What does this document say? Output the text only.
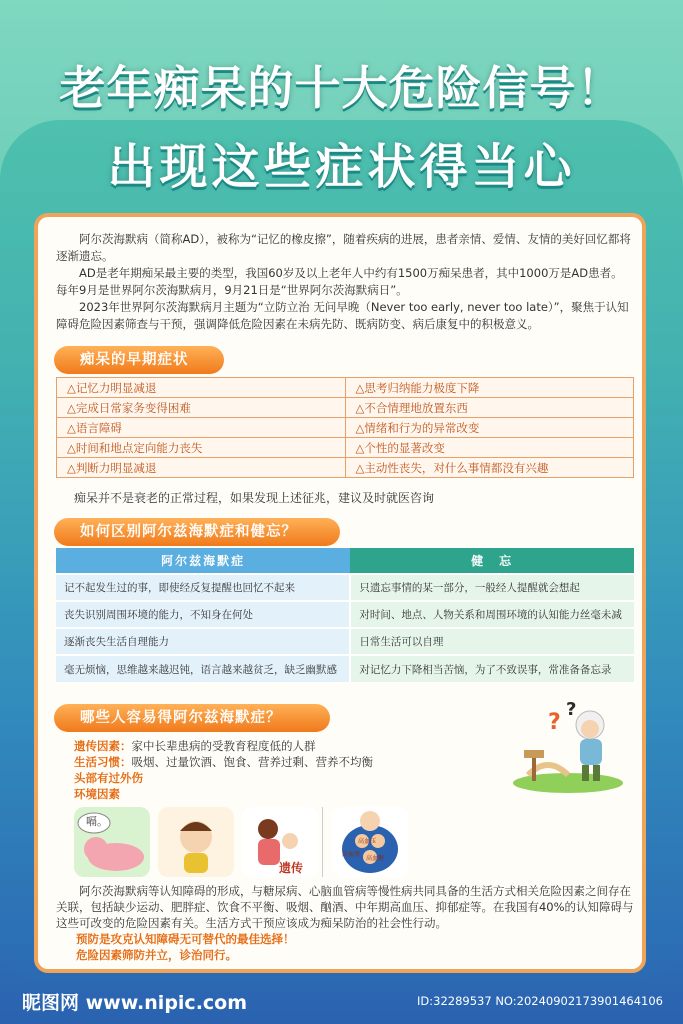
老年痴呆的十大危险信号！
出现这些症状得当心

阿尔茨海默病（简称AD），被称为“记忆的橡皮擦”，随着疾病的进展，患者亲情、爱情、友情的美好回忆都将逐渐遗忘。

AD是老年期痴呆最主要的类型，我国60岁及以上老年人中约有1500万痴呆患者，其中1000万是AD患者。每年9月是世界阿尔茨海默病月，9月21日是“世界阿尔茨海默病日”。

2023年世界阿尔茨海默病月主题为“立防立治 无问早晚（Never too early, never too late）”，聚焦于认知障碍危险因素筛查与干预，强调降低危险因素在未病先防、既病防变、病后康复中的积极意义。

痴呆的早期症状
△记忆力明显减退	△思考归纳能力极度下降
△完成日常家务变得困难	△不合情理地放置东西
△语言障碍	△情绪和行为的异常改变
△时间和地点定向能力丧失	△个性的显著改变
△判断力明显减退	△主动性丧失，对什么事情都没有兴趣
痴呆并不是衰老的正常过程，如果发现上述征兆，建议及时就医咨询
如何区别阿尔兹海默症和健忘？
阿尔兹海默症	健　忘
记不起发生过的事，即使经反复提醒也回忆不起来	只遗忘事情的某一部分，一般经人提醒就会想起
丧失识别周围环境的能力，不知身在何处	对时间、地点、人物关系和周围环境的认知能力丝毫未减
逐渐丧失生活自理能力	日常生活可以自理
毫无烦恼，思维越来越迟钝，语言越来越贫乏，缺乏幽默感	对记忆力下降相当苦恼，为了不致误事，常准备备忘录
哪些人容易得阿尔兹海默症？
遗传因素：家中长辈患病的受教育程度低的人群
生活习惯：吸烟、过量饮酒、饱食、营养过剩、营养不均衡
头部有过外伤
环境因素
?
?
嗝。
遗传
高血压
高血脂
高血糖

阿尔茨海默病等认知障碍的形成，与糖尿病、心脑血管病等慢性病共同具备的生活方式相关危险因素之间存在关联，包括缺少运动、肥胖症、饮食不平衡、吸烟、酗酒、中年期高血压、抑郁症等。在我国有40%的认知障碍与这些可改变的危险因素有关。生活方式干预应该成为痴呆防治的社会性行动。

预防是攻克认知障碍无可替代的最佳选择！
危险因素筛防并立，诊治同行。
昵图网 www.nipic.com	ID:32289537 NO:20240902173901464106
